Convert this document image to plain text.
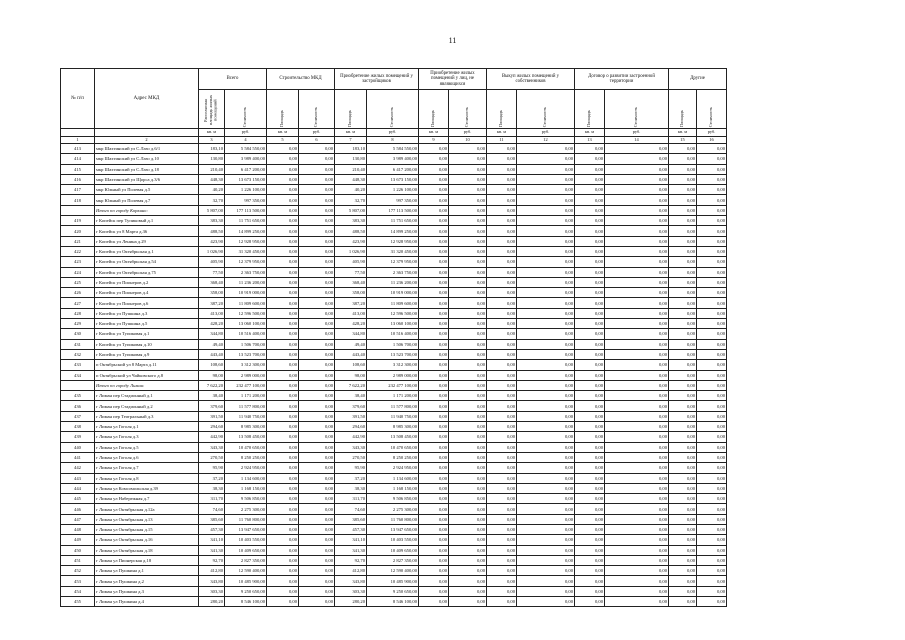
11
№ п/п	Адрес МКД	Всего		Строительство МКД		Приобретение жилых помещений у застройщиков		Приобретение жилых помещений у лиц, не являющихся		Выкуп жилых помещений у собственников		Договор о развитии застроенной территории		Другие	

		Расселяемая площадь жилых помещений	Стоимость	Площадь	Стоимость	Площадь	Стоимость	Площадь	Стоимость	Площадь	Стоимость	Площадь	Стоимость	Площадь	Стоимость

		кв. м	руб.	кв. м	руб.	кв. м	руб.	кв. м	руб.	кв. м	руб.	кв. м	руб.	кв. м	руб.
1	2	3	4	5	6	7	8	9	10	11	12	13	14	15	16
413	мкр Шахтинский ул С.Лазо д.6/1	183,10	5 584 550,00	0,00	0,00	183,10	5 584 550,00	0,00	0,00	0,00	0,00	0,00	0,00	0,00	0,00
414	мкр Шахтинский ул С.Лазо д.10	130,80	3 989 400,00	0,00	0,00	130,80	3 989 400,00	0,00	0,00	0,00	0,00	0,00	0,00	0,00	0,00
415	мкр Шахтинский ул С.Лазо д.18	210,40	6 417 200,00	0,00	0,00	210,40	6 417 200,00	0,00	0,00	0,00	0,00	0,00	0,00	0,00	0,00
416	мкр Шахтинский ул Щорса д.3/6	448,30	13 673 150,00	0,00	0,00	448,30	13 673 150,00	0,00	0,00	0,00	0,00	0,00	0,00	0,00	0,00
417	мкр Южный ул Полевая д.5	40,20	1 226 100,00	0,00	0,00	40,20	1 226 100,00	0,00	0,00	0,00	0,00	0,00	0,00	0,00	0,00
418	мкр Южный ул Полевая д.7	32,70	997 350,00	0,00	0,00	32,70	997 350,00	0,00	0,00	0,00	0,00	0,00	0,00	0,00	0,00
	Итого по городу Коркино:	5 807,00	177 113 500,00	0,00	0,00	5 807,00	177 113 500,00	0,00	0,00	0,00	0,00	0,00	0,00	0,00	0,00
419	г Копейск пер Тупиковый д.1	383,30	11 751 650,00	0,00	0,00	383,30	11 751 650,00	0,00	0,00	0,00	0,00	0,00	0,00	0,00	0,00
420	г Копейск ул 8 Марта д.36	488,50	14 899 250,00	0,00	0,00	488,50	14 899 250,00	0,00	0,00	0,00	0,00	0,00	0,00	0,00	0,00
421	г Копейск ул Ленина д.29	423,90	12 928 950,00	0,00	0,00	423,90	12 928 950,00	0,00	0,00	0,00	0,00	0,00	0,00	0,00	0,00
422	г Копейск ул Октябрьская д.1	1 026,90	31 320 450,00	0,00	0,00	1 026,90	31 320 450,00	0,00	0,00	0,00	0,00	0,00	0,00	0,00	0,00
423	г Копейск ул Октябрьская д.54	405,90	12 379 950,00	0,00	0,00	405,90	12 379 950,00	0,00	0,00	0,00	0,00	0,00	0,00	0,00	0,00
424	г Копейск ул Октябрьская д.75	77,50	2 363 750,00	0,00	0,00	77,50	2 363 750,00	0,00	0,00	0,00	0,00	0,00	0,00	0,00	0,00
425	г Копейск ул Пионеров д.2	368,40	11 236 200,00	0,00	0,00	368,40	11 236 200,00	0,00	0,00	0,00	0,00	0,00	0,00	0,00	0,00
426	г Копейск ул Пионеров д.4	358,00	10 919 000,00	0,00	0,00	358,00	10 919 000,00	0,00	0,00	0,00	0,00	0,00	0,00	0,00	0,00
427	г Копейск ул Пионеров д.6	387,20	11 809 600,00	0,00	0,00	387,20	11 809 600,00	0,00	0,00	0,00	0,00	0,00	0,00	0,00	0,00
428	г Копейск ул Пушкина д.3	413,00	12 596 500,00	0,00	0,00	413,00	12 596 500,00	0,00	0,00	0,00	0,00	0,00	0,00	0,00	0,00
429	г Копейск ул Пушкина д.5	428,20	13 060 100,00	0,00	0,00	428,20	13 060 100,00	0,00	0,00	0,00	0,00	0,00	0,00	0,00	0,00
430	г Копейск ул Тупиковая д.1	344,80	10 516 400,00	0,00	0,00	344,80	10 516 400,00	0,00	0,00	0,00	0,00	0,00	0,00	0,00	0,00
431	г Копейск ул Тупиковая д.10	49,40	1 506 700,00	0,00	0,00	49,40	1 506 700,00	0,00	0,00	0,00	0,00	0,00	0,00	0,00	0,00
432	г Копейск ул Тупиковая д.9	443,40	13 523 700,00	0,00	0,00	443,40	13 523 700,00	0,00	0,00	0,00	0,00	0,00	0,00	0,00	0,00
433	п Октябрьский ул 8 Марта д.11	108,60	3 312 300,00	0,00	0,00	108,60	3 312 300,00	0,00	0,00	0,00	0,00	0,00	0,00	0,00	0,00
434	п Октябрьский ул Чайковского д.8	98,00	2 989 000,00	0,00	0,00	98,00	2 989 000,00	0,00	0,00	0,00	0,00	0,00	0,00	0,00	0,00
	Итого по городу Лиман:	7 622,20	232 477 100,00	0,00	0,00	7 622,20	232 477 100,00	0,00	0,00	0,00	0,00	0,00	0,00	0,00	0,00
435	г Лиман пер Стадионный д.1	38,40	1 171 200,00	0,00	0,00	38,40	1 171 200,00	0,00	0,00	0,00	0,00	0,00	0,00	0,00	0,00
436	г Лиман пер Стадионный д.2	379,60	11 577 800,00	0,00	0,00	379,60	11 577 800,00	0,00	0,00	0,00	0,00	0,00	0,00	0,00	0,00
437	г Лиман пер Театральный д.3	391,50	11 940 750,00	0,00	0,00	391,50	11 940 750,00	0,00	0,00	0,00	0,00	0,00	0,00	0,00	0,00
438	г Лиман ул Гоголя д.1	294,60	8 985 300,00	0,00	0,00	294,60	8 985 300,00	0,00	0,00	0,00	0,00	0,00	0,00	0,00	0,00
439	г Лиман ул Гоголя д.3	442,90	13 508 450,00	0,00	0,00	442,90	13 508 450,00	0,00	0,00	0,00	0,00	0,00	0,00	0,00	0,00
440	г Лиман ул Гоголя д.5	343,30	10 470 650,00	0,00	0,00	343,30	10 470 650,00	0,00	0,00	0,00	0,00	0,00	0,00	0,00	0,00
441	г Лиман ул Гоголя д.6	270,50	8 250 250,00	0,00	0,00	270,50	8 250 250,00	0,00	0,00	0,00	0,00	0,00	0,00	0,00	0,00
442	г Лиман ул Гоголя д.7	95,90	2 924 950,00	0,00	0,00	95,90	2 924 950,00	0,00	0,00	0,00	0,00	0,00	0,00	0,00	0,00
443	г Лиман ул Гоголя д.8	37,20	1 134 600,00	0,00	0,00	37,20	1 134 600,00	0,00	0,00	0,00	0,00	0,00	0,00	0,00	0,00
444	г Лиман ул Комсомольская д.39	38,30	1 168 150,00	0,00	0,00	38,30	1 168 150,00	0,00	0,00	0,00	0,00	0,00	0,00	0,00	0,00
445	г Лиман ул Набережная д.7	311,70	9 506 850,00	0,00	0,00	311,70	9 506 850,00	0,00	0,00	0,00	0,00	0,00	0,00	0,00	0,00
446	г Лиман ул Октябрьская д.12а	74,60	2 275 300,00	0,00	0,00	74,60	2 275 300,00	0,00	0,00	0,00	0,00	0,00	0,00	0,00	0,00
447	г Лиман ул Октябрьская д.13	385,60	11 760 800,00	0,00	0,00	385,60	11 760 800,00	0,00	0,00	0,00	0,00	0,00	0,00	0,00	0,00
448	г Лиман ул Октябрьская д.15	457,30	13 947 650,00	0,00	0,00	457,30	13 947 650,00	0,00	0,00	0,00	0,00	0,00	0,00	0,00	0,00
449	г Лиман ул Октябрьская д.16	341,10	10 403 550,00	0,00	0,00	341,10	10 403 550,00	0,00	0,00	0,00	0,00	0,00	0,00	0,00	0,00
450	г Лиман ул Октябрьская д.18	341,30	10 409 650,00	0,00	0,00	341,30	10 409 650,00	0,00	0,00	0,00	0,00	0,00	0,00	0,00	0,00
451	г Лиман ул Пионерская д.18	92,70	2 827 350,00	0,00	0,00	92,70	2 827 350,00	0,00	0,00	0,00	0,00	0,00	0,00	0,00	0,00
452	г Лиман ул Пушкина д.1	412,80	12 590 400,00	0,00	0,00	412,80	12 590 400,00	0,00	0,00	0,00	0,00	0,00	0,00	0,00	0,00
453	г Лиман ул Пушкина д.2	343,80	10 485 900,00	0,00	0,00	343,80	10 485 900,00	0,00	0,00	0,00	0,00	0,00	0,00	0,00	0,00
454	г Лиман ул Пушкина д.3	303,30	9 250 650,00	0,00	0,00	303,30	9 250 650,00	0,00	0,00	0,00	0,00	0,00	0,00	0,00	0,00
455	г Лиман ул Пушкина д.4	280,20	8 546 100,00	0,00	0,00	280,20	8 546 100,00	0,00	0,00	0,00	0,00	0,00	0,00	0,00	0,00
